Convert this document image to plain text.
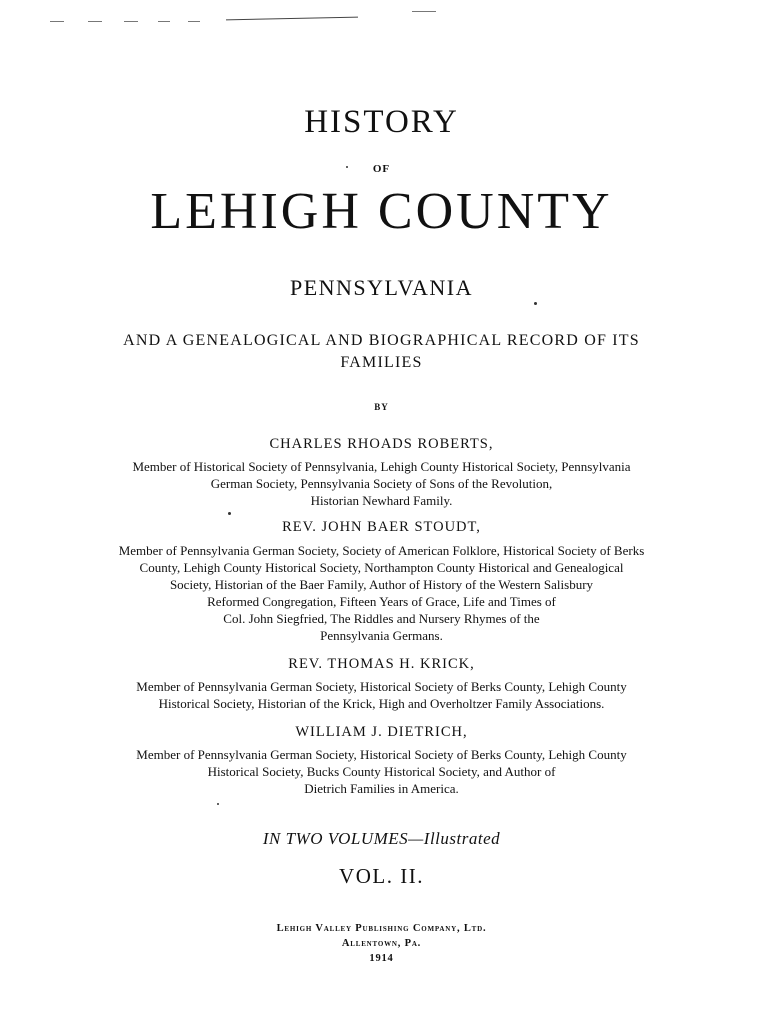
HISTORY
OF
LEHIGH COUNTY
PENNSYLVANIA
AND A GENEALOGICAL AND BIOGRAPHICAL RECORD OF ITS
FAMILIES
BY
CHARLES RHOADS ROBERTS,
Member of Historical Society of Pennsylvania, Lehigh County Historical Society, Pennsylvania
German Society, Pennsylvania Society of Sons of the Revolution,
Historian Newhard Family.
REV. JOHN BAER STOUDT,
Member of Pennsylvania German Society, Society of American Folklore, Historical Society of Berks
County, Lehigh County Historical Society, Northampton County Historical and Genealogical
Society, Historian of the Baer Family, Author of History of the Western Salisbury
Reformed Congregation, Fifteen Years of Grace, Life and Times of
Col. John Siegfried, The Riddles and Nursery Rhymes of the
Pennsylvania Germans.
REV. THOMAS H. KRICK,
Member of Pennsylvania German Society, Historical Society of Berks County, Lehigh County
Historical Society, Historian of the Krick, High and Overholtzer Family Associations.
WILLIAM J. DIETRICH,
Member of Pennsylvania German Society, Historical Society of Berks County, Lehigh County
Historical Society, Bucks County Historical Society, and Author of
Dietrich Families in America.
IN TWO VOLUMES—Illustrated
VOL. II.
Lehigh Valley Publishing Company, Ltd.
Allentown, Pa.
1914
